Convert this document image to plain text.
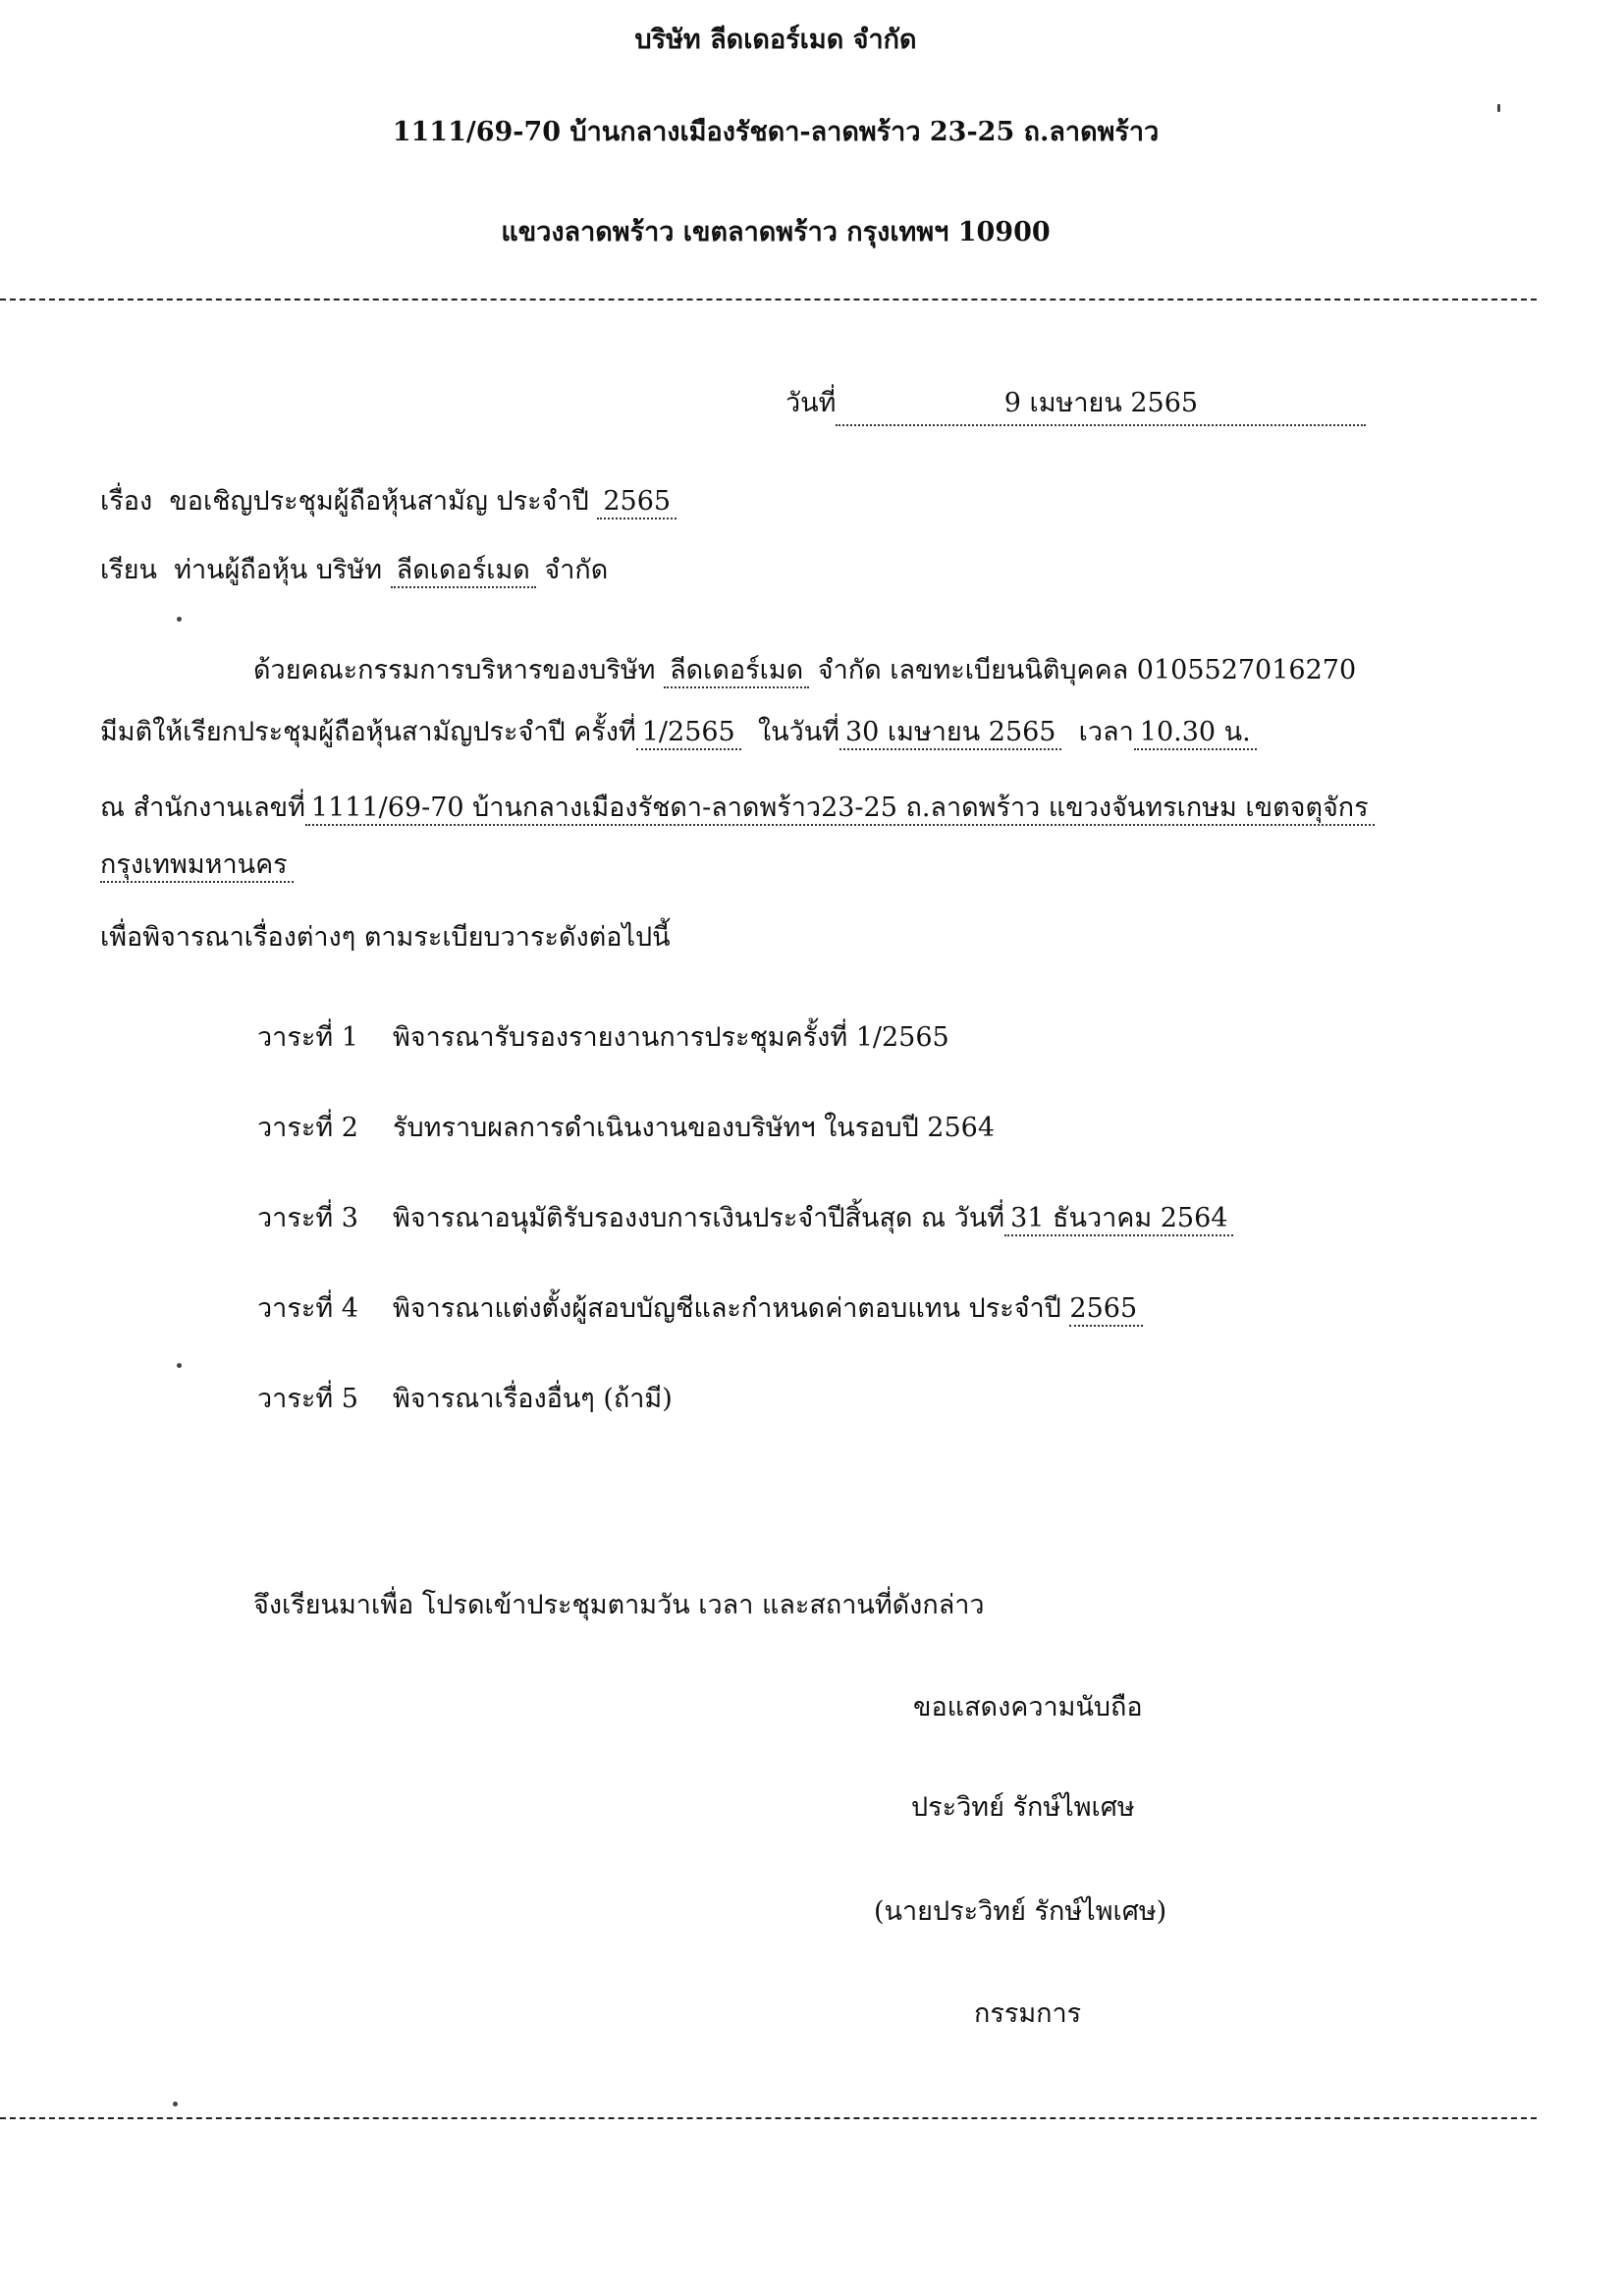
บริษัท ลีดเดอร์เมด จำกัด
1111/69-70 บ้านกลางเมืองรัชดา-ลาดพร้าว 23-25 ถ.ลาดพร้าว
แขวงลาดพร้าว เขตลาดพร้าว กรุงเทพฯ 10900
วันที่	9 เมษายน 2565
เรื่อง ขอเชิญประชุมผู้ถือหุ้นสามัญ ประจำปี 2565
เรียน ท่านผู้ถือหุ้น บริษัท ลีดเดอร์เมด จำกัด
ด้วยคณะกรรมการบริหารของบริษัท ลีดเดอร์เมด จำกัด เลขทะเบียนนิติบุคคล 0105527016270
มีมติให้เรียกประชุมผู้ถือหุ้นสามัญประจำปี ครั้งที่ 1/2565 ในวันที่ 30 เมษายน 2565 เวลา 10.30 น.
ณ สำนักงานเลขที่ 1111/69-70 บ้านกลางเมืองรัชดา-ลาดพร้าว23-25 ถ.ลาดพร้าว แขวงจันทรเกษม เขตจตุจักร
กรุงเทพมหานคร
เพื่อพิจารณาเรื่องต่างๆ ตามระเบียบวาระดังต่อไปนี้
วาระที่ 1 พิจารณารับรองรายงานการประชุมครั้งที่ 1/2565
วาระที่ 2 รับทราบผลการดำเนินงานของบริษัทฯ ในรอบปี 2564
วาระที่ 3 พิจารณาอนุมัติรับรองงบการเงินประจำปีสิ้นสุด ณ วันที่ 31 ธันวาคม 2564
วาระที่ 4 พิจารณาแต่งตั้งผู้สอบบัญชีและกำหนดค่าตอบแทน ประจำปี 2565
วาระที่ 5 พิจารณาเรื่องอื่นๆ (ถ้ามี)
จึงเรียนมาเพื่อ โปรดเข้าประชุมตามวัน เวลา และสถานที่ดังกล่าว
ขอแสดงความนับถือ
ประวิทย์ รักษ์ไพเศษ
(นายประวิทย์ รักษ์ไพเศษ)
กรรมการ
